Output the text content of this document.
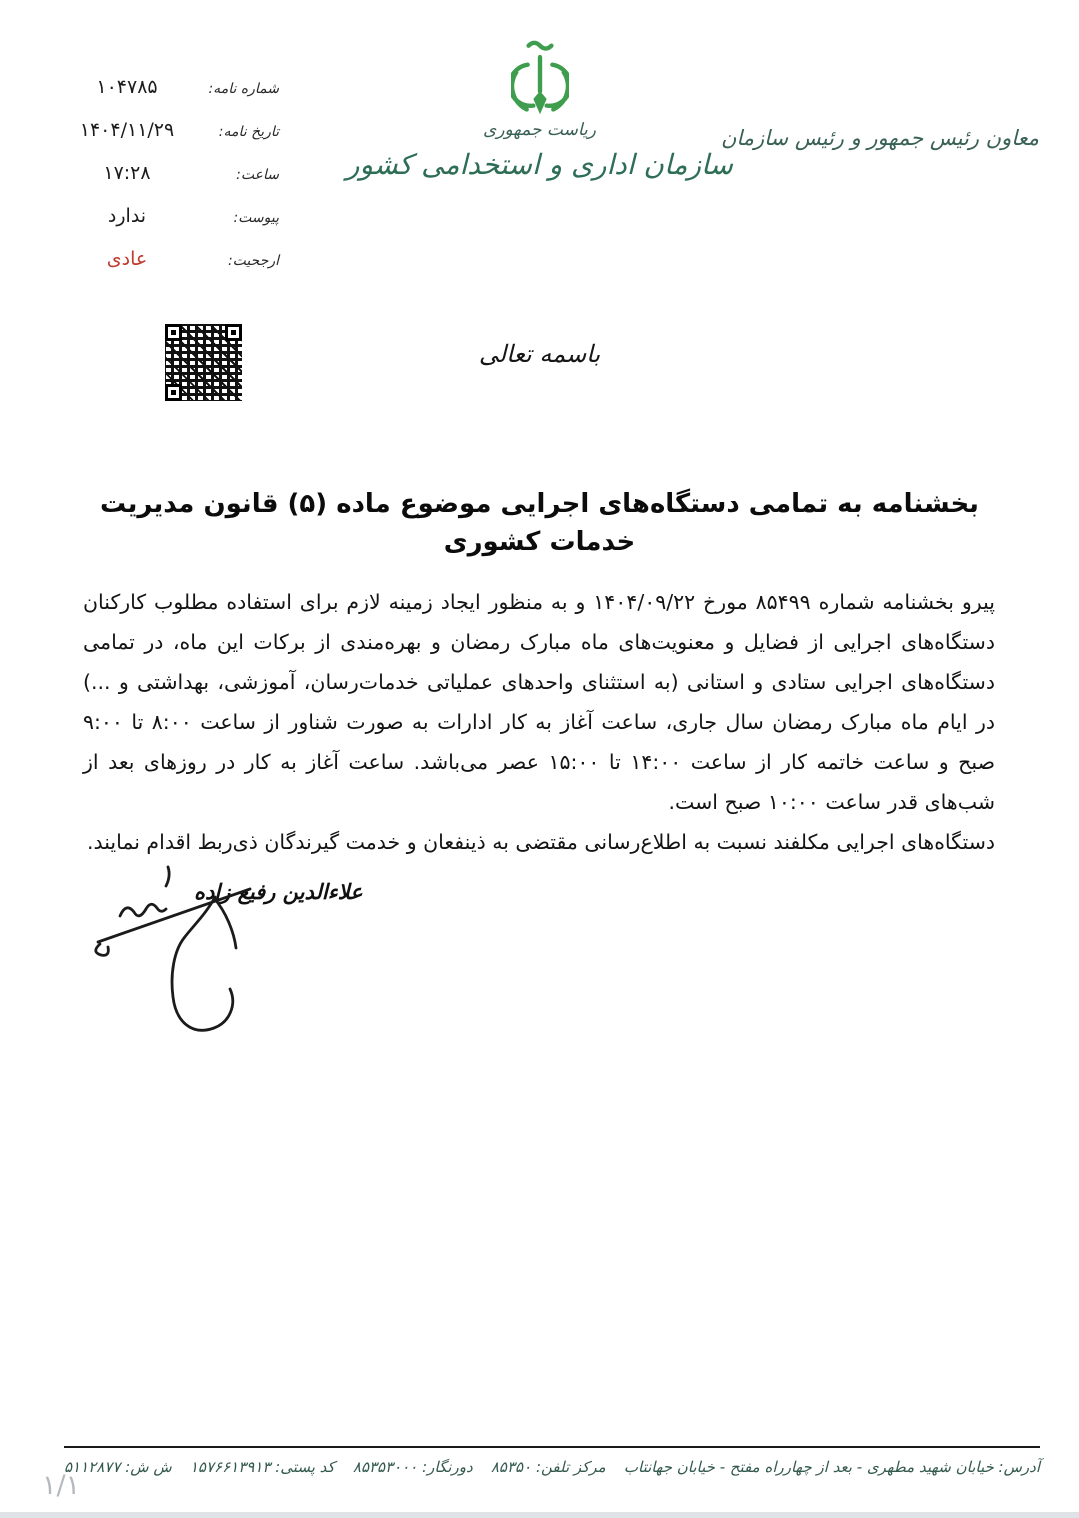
معاون رئیس جمهور و رئیس سازمان
ریاست جمهوری
سازمان اداری و استخدامی کشور
شماره نامه:
۱۰۴۷۸۵
تاریخ نامه:
۱۴۰۴/۱۱/۲۹
ساعت:
۱۷:۲۸
پیوست:
ندارد
ارجحیت:
عادی
باسمه تعالی
بخشنامه به تمامی دستگاه‌های اجرایی موضوع ماده (۵) قانون مدیریت خدمات کشوری

پیرو بخشنامه شماره ۸۵۴۹۹ مورخ ۱۴۰۴/۰۹/۲۲ و به منظور ایجاد زمینه لازم برای استفاده مطلوب کارکنان دستگاه‌های اجرایی از فضایل و معنویت‌های ماه مبارک رمضان و بهره‌مندی از برکات این ماه، در تمامی دستگاه‌های اجرایی ستادی و استانی (به استثنای واحدهای عملیاتی خدمات‌رسان، آموزشی، بهداشتی و ...) در ایام ماه مبارک رمضان سال جاری، ساعت آغاز به کار ادارات به صورت شناور از ساعت ۸:۰۰ تا ۹:۰۰ صبح و ساعت خاتمه کار از ساعت ۱۴:۰۰ تا ۱۵:۰۰ عصر می‌باشد. ساعت آغاز به کار در روزهای بعد از شب‌های قدر ساعت ۱۰:۰۰ صبح است.

دستگاه‌های اجرایی مکلفند نسبت به اطلاع‌رسانی مقتضی به ذینفعان و خدمت گیرندگان ذی‌ربط اقدام نمایند.

علاءالدین رفیع زاده
آدرس: خیابان شهید مطهری - بعد از چهارراه مفتح - خیابان جهانتاب
مرکز تلفن: ۸۵۳۵۰
دورنگار: ۸۵۳۵۳۰۰۰
کد پستی: ۱۵۷۶۶۱۳۹۱۳
ش ش: ۵۱۱۲۸۷۷
۱/۱
